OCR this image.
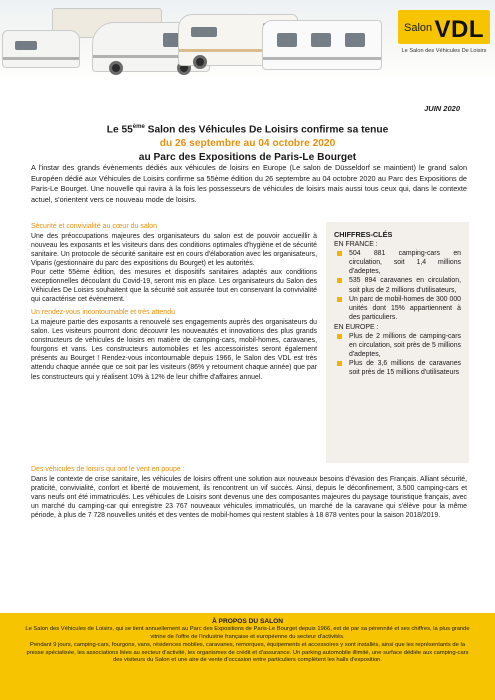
Salon VDL
Le Salon des Véhicules De Loisirs
JUIN 2020
Le 55ème Salon des Véhicules De Loisirs confirme sa tenue
du 26 septembre au 04 octobre 2020
au Parc des Expositions de Paris-Le Bourget

A l'instar des grands évènements dédiés aux véhicules de loisirs en Europe (Le salon de Düsseldorf se maintient) le grand salon Européen dédié aux Véhicules de Loisirs confirme sa 55ème édition du 26 septembre au 04 octobre 2020 au Parc des Expositions de Paris-Le Bourget. Une nouvelle qui ravira à la fois les possesseurs de véhicules de loisirs mais aussi tous ceux qui, dans le contexte actuel, s'orientent vers ce nouveau mode de loisirs.

Sécurité et convivialité au cœur du salon

Une des préoccupations majeures des organisateurs du salon est de pouvoir accueillir à nouveau les exposants et les visiteurs dans des conditions optimales d'hygiène et de sécurité sanitaire. Un protocole de sécurité sanitaire est en cours d'élaboration avec les organisateurs, Viparis (gestionnaire du parc des expositions du Bourget) et les autorités.

Pour cette 55ème édition, des mesures et dispositifs sanitaires adaptés aux conditions exceptionnelles découlant du Covid-19, seront mis en place. Les organisateurs du Salon des Véhicules De Loisirs souhaitent que la sécurité soit assurée tout en conservant la convivialité qui caractérise cet évènement.

Un rendez-vous incontournable et très attendu

La majeure partie des exposants a renouvelé ses engagements auprès des organisateurs du salon. Les visiteurs pourront donc découvrir les nouveautés et innovations des plus grands constructeurs de véhicules de loisirs en matière de camping-cars, mobil-homes, caravanes, fourgons et vans. Les constructeurs automobiles et les accessoiristes seront également présents au Bourget ! Rendez-vous incontournable depuis 1966, le Salon des VDL est très attendu chaque année que ce soit par les visiteurs (86% y retournent chaque année) que par les constructeurs qui y réalisent 10% à 12% de leur chiffre d'affaires annuel.

CHIFFRES-CLÉS
EN FRANCE :
504 881 camping-cars en circulation, soit 1,4 millions d'adeptes,
535 894 caravanes en circulation, soit plus de 2 millions d'utilisateurs,
Un parc de mobil-homes de 300 000 unités dont 15% appartiennent à des particuliers.
EN EUROPE :
Plus de 2 millions de camping-cars en circulation, soit près de 5 millions d'adeptes,
Plus de 3,6 millions de caravanes soit près de 15 millions d'utilisateurs
Des véhicules de loisirs qui ont le vent en poupe :

Dans le contexte de crise sanitaire, les véhicules de loisirs offrent une solution aux nouveaux besoins d'évasion des Français. Alliant sécurité, praticité, convivialité, confort et liberté de mouvement, ils rencontrent un vif succès. Ainsi, depuis le déconfinement, 3.500 camping-cars et vans neufs ont été immatriculés. Les véhicules de Loisirs sont devenus une des composantes majeures du paysage touristique français, avec un marché du camping-car qui enregistre 23 767 nouveaux véhicules immatriculés, un marché de la caravane qui s'élève pour la même période, à plus de 7 728 nouvelles unités et des ventes de mobil-homes qui restent stables à 18 878 ventes pour la saison 2018/2019.

À PROPOS DU SALON

Le Salon des Véhicules de Loisirs, qui se tient annuellement au Parc des Expositions de Paris-Le Bourget depuis 1966, est de par sa pérennité et ses chiffres, la plus grande vitrine de l'offre de l'industrie française et européenne du secteur d'activités.

Pendant 9 jours, camping-cars, fourgons, vans, résidences mobiles, caravanes, remorques, équipements et accessoires y sont installés, ainsi que les représentants de la presse spécialisée, les associations liées au secteur d'activité, les organismes de crédit et d'assurance. Un parking automobile illimité, une surface dédiée aux camping-cars des visiteurs du Salon et une aire de vente d'occasion entre particuliers complètent les halls d'exposition.
